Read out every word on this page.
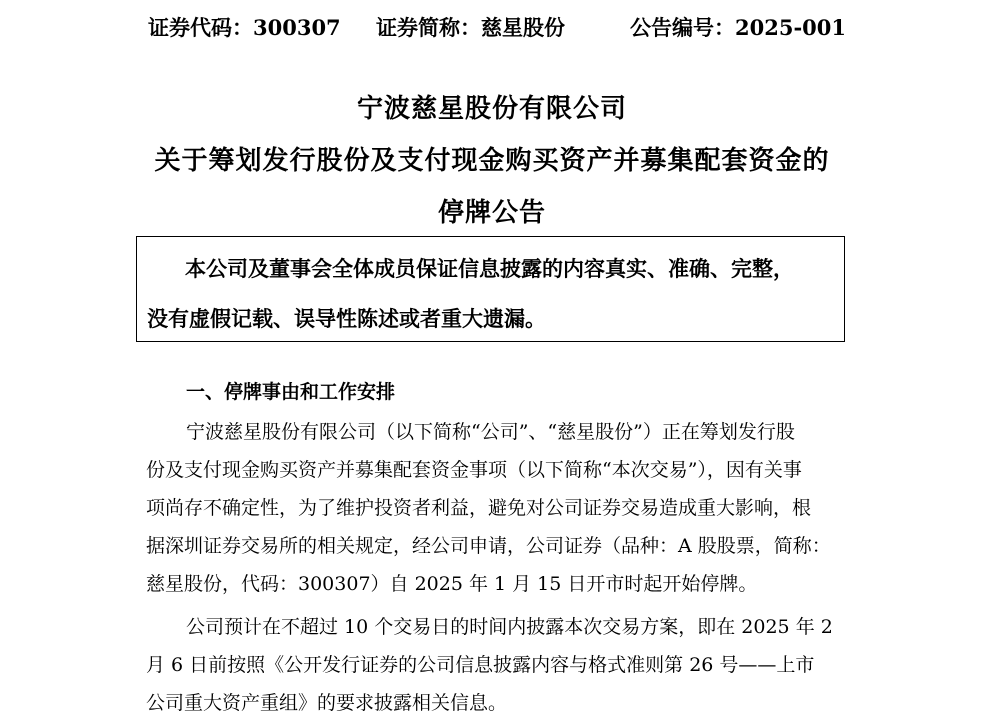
证券代码：300307 证券简称：慈星股份	公告编号：2025-001
宁波慈星股份有限公司
关于筹划发行股份及支付现金购买资产并募集配套资金的
停牌公告
本公司及董事会全体成员保证信息披露的内容真实、准确、完整，
没有虚假记载、误导性陈述或者重大遗漏。
一、停牌事由和工作安排
宁波慈星股份有限公司（以下简称“公司”、“慈星股份”）正在筹划发行股
份及支付现金购买资产并募集配套资金事项（以下简称“本次交易”），因有关事
项尚存不确定性，为了维护投资者利益，避免对公司证券交易造成重大影响，根
据深圳证券交易所的相关规定，经公司申请，公司证券（品种：A 股股票，简称：
慈星股份，代码：300307）自 2025 年 1 月 15 日开市时起开始停牌。
公司预计在不超过 10 个交易日的时间内披露本次交易方案，即在 2025 年 2
月 6 日前按照《公开发行证券的公司信息披露内容与格式准则第 26 号——上市
公司重大资产重组》的要求披露相关信息。
